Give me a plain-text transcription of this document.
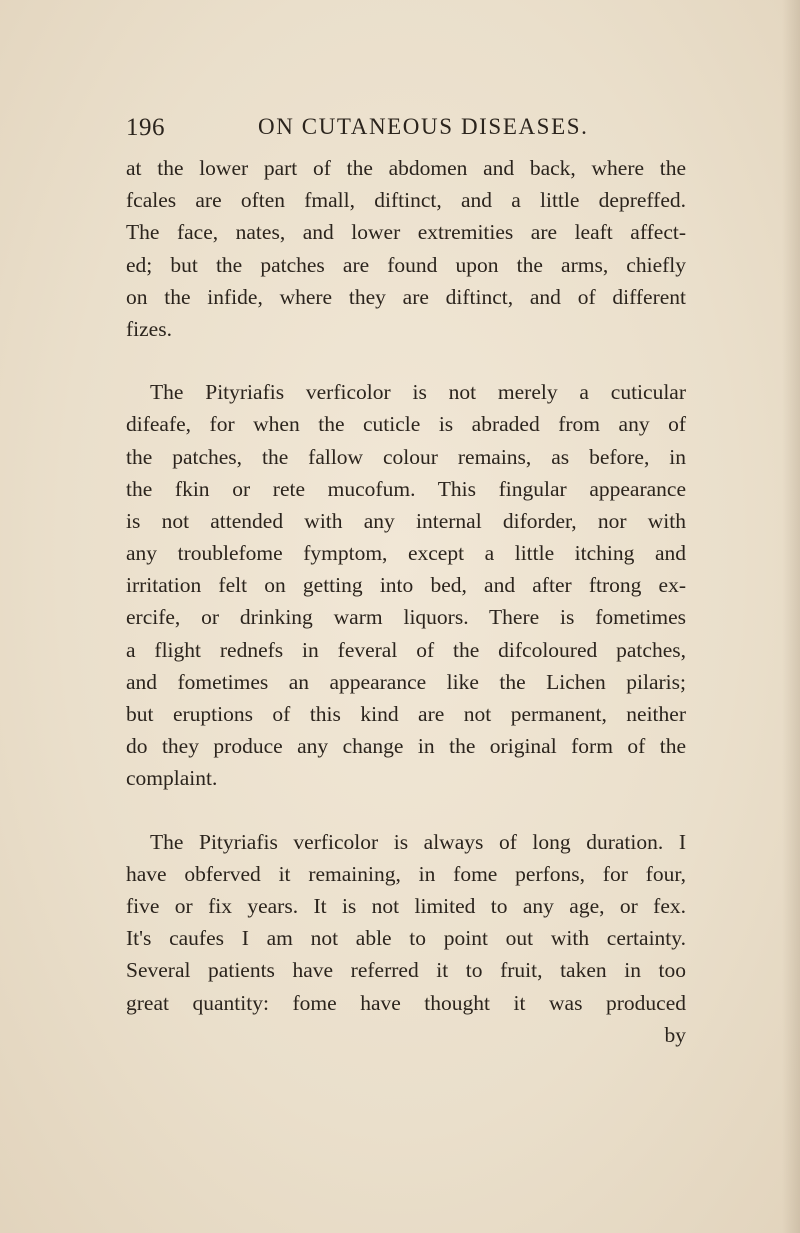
196	ON CUTANEOUS DISEASES.
at the lower part of the abdomen and back, where the
fcales are often fmall, diftinct, and a little depreffed.
The face, nates, and lower extremities are leaft affect-
ed; but the patches are found upon the arms, chiefly
on the infide, where they are diftinct, and of different
fizes.
The Pityriafis verficolor is not merely a cuticular
difeafe, for when the cuticle is abraded from any of
the patches, the fallow colour remains, as before, in
the fkin or rete mucofum. This fingular appearance
is not attended with any internal diforder, nor with
any troublefome fymptom, except a little itching and
irritation felt on getting into bed, and after ftrong ex-
ercife, or drinking warm liquors. There is fometimes
a flight rednefs in feveral of the difcoloured patches,
and fometimes an appearance like the Lichen pilaris;
but eruptions of this kind are not permanent, neither
do they produce any change in the original form of the
complaint.
The Pityriafis verficolor is always of long duration. I
have obferved it remaining, in fome perfons, for four,
five or fix years. It is not limited to any age, or fex.
It's caufes I am not able to point out with certainty.
Several patients have referred it to fruit, taken in too
great quantity: fome have thought it was produced
by
